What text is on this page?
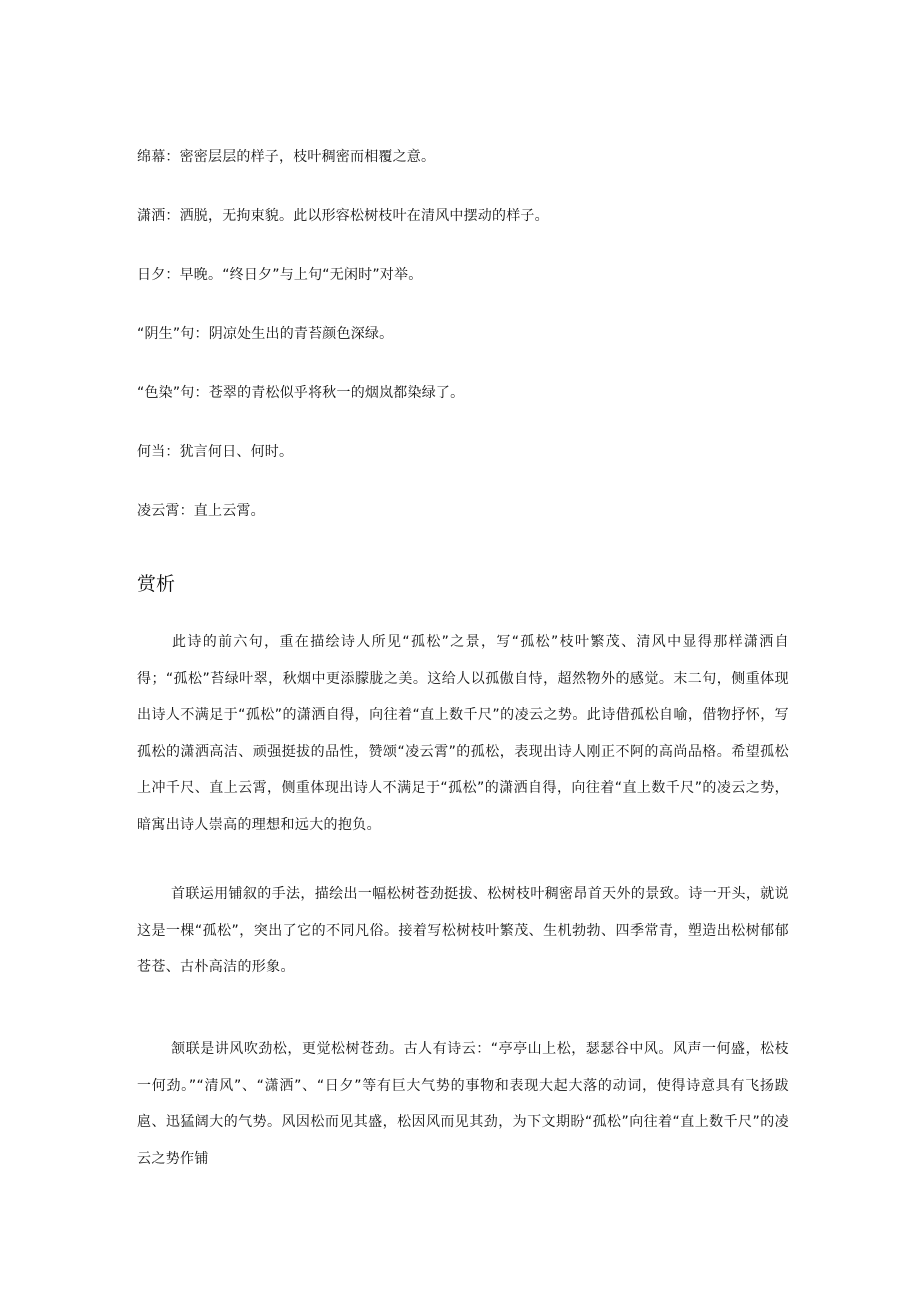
绵幕：密密层层的样子，枝叶稠密而相覆之意。
潇洒：洒脱，无拘束貌。此以形容松树枝叶在清风中摆动的样子。
日夕：早晚。“终日夕”与上句“无闲时”对举。
“阴生”句：阴凉处生出的青苔颜色深绿。
“色染”句：苍翠的青松似乎将秋一的烟岚都染绿了。
何当：犹言何日、何时。
凌云霄：直上云霄。
赏析
此诗的前六句，重在描绘诗人所见“孤松”之景，写“孤松”枝叶繁茂、清风中显得那样潇洒自得；“孤松”苔绿叶翠，秋烟中更添朦胧之美。这给人以孤傲自恃，超然物外的感觉。末二句，侧重体现出诗人不满足于“孤松”的潇洒自得，向往着“直上数千尺”的凌云之势。此诗借孤松自喻，借物抒怀，写孤松的潇洒高洁、顽强挺拔的品性，赞颂“凌云霄”的孤松，表现出诗人刚正不阿的高尚品格。希望孤松上冲千尺、直上云霄，侧重体现出诗人不满足于“孤松”的潇洒自得，向往着“直上数千尺”的凌云之势，暗寓出诗人崇高的理想和远大的抱负。
首联运用铺叙的手法，描绘出一幅松树苍劲挺拔、松树枝叶稠密昂首天外的景致。诗一开头，就说这是一棵“孤松”，突出了它的不同凡俗。接着写松树枝叶繁茂、生机勃勃、四季常青，塑造出松树郁郁苍苍、古朴高洁的形象。
颔联是讲风吹劲松，更觉松树苍劲。古人有诗云：“亭亭山上松，瑟瑟谷中风。风声一何盛，松枝一何劲。”“清风”、“潇洒”、“日夕”等有巨大气势的事物和表现大起大落的动词，使得诗意具有飞扬跋扈、迅猛阔大的气势。风因松而见其盛，松因风而见其劲，为下文期盼“孤松”向往着“直上数千尺”的凌云之势作铺
